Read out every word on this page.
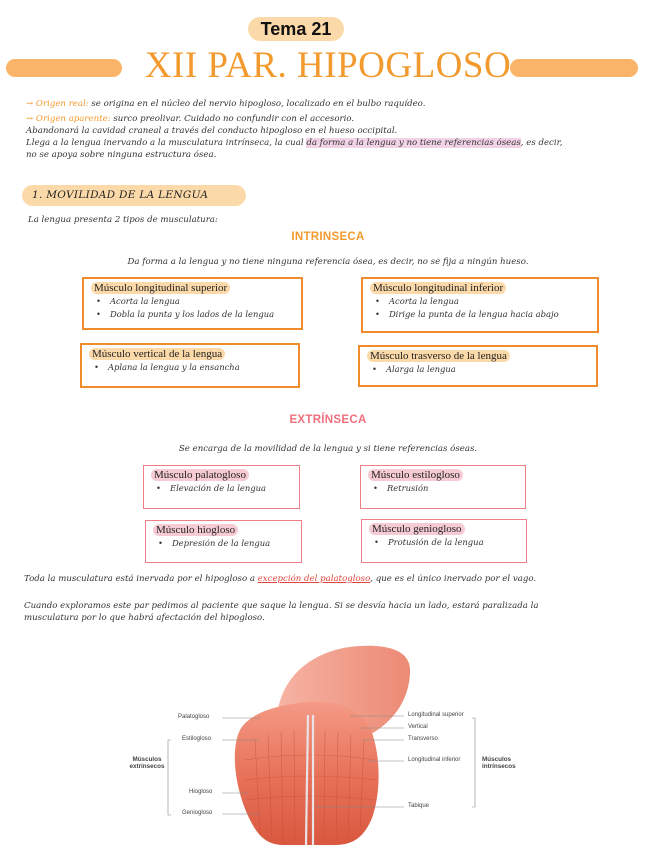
Tema 21
XII PAR. HIPOGLOSO
→ Origen real: se origina en el núcleo del nervio hipogloso, localizado en el bulbo raquídeo.
→ Origen aparente: surco preolivar. Cuidado no confundir con el accesorio.
Abandonará la cavidad craneal a través del conducto hipogloso en el hueso occipital.
Llega a la lengua inervando a la musculatura intrínseca, la cual da forma a la lengua y no tiene referencias óseas, es decir,
no se apoya sobre ninguna estructura ósea.
1. MOVILIDAD DE LA LENGUA
La lengua presenta 2 tipos de musculatura:
INTRINSECA
Da forma a la lengua y no tiene ninguna referencia ósea, es decir, no se fija a ningún hueso.
Músculo longitudinal superior
• Acorta la lengua
• Dobla la punta y los lados de la lengua
Músculo longitudinal inferior
• Acorta la lengua
• Dirige la punta de la lengua hacia abajo
Músculo vertical de la lengua
• Aplana la lengua y la ensancha
Músculo trasverso de la lengua
• Alarga la lengua
EXTRÍNSECA
Se encarga de la movilidad de la lengua y si tiene referencias óseas.
Músculo palatogloso
• Elevación de la lengua
Músculo estilogloso
• Retrusión
Músculo hiogloso
• Depresión de la lengua
Músculo geniogloso
• Protusión de la lengua
Toda la musculatura está inervada por el hipogloso a excepción del palatogloso, que es el único inervado por el vago.
Cuando exploramos este par pedimos al paciente que saque la lengua. Si se desvía hacia un lado, estará paralizada la
musculatura por lo que habrá afectación del hipogloso.
Palatogloso
Estilogloso
Hiogloso
Geniogloso
Músculos extrínsecos
Longitudinal superior
Vertical
Transverso
Longitudinal inferior
Tabique
Músculos intrínsecos
